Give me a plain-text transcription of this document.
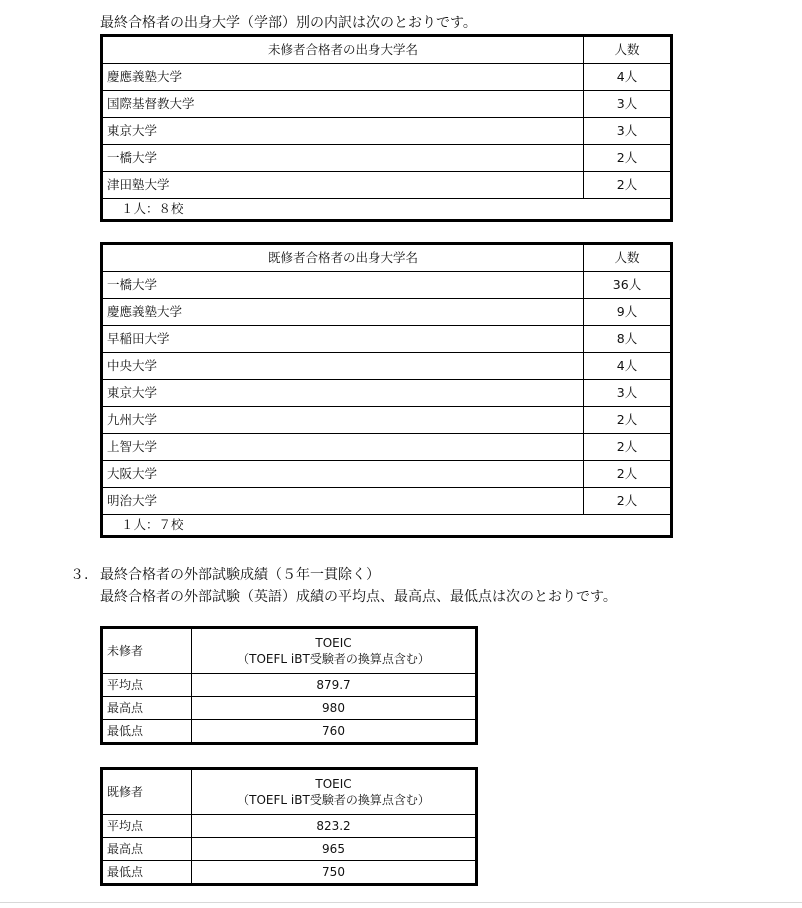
最終合格者の出身大学（学部）別の内訳は次のとおりです。
未修者合格者の出身大学名	人数
慶應義塾大学	4人
国際基督教大学	3人
東京大学	3人
一橋大学	2人
津田塾大学	2人
１人：８校	
既修者合格者の出身大学名	人数
一橋大学	36人
慶應義塾大学	9人
早稲田大学	8人
中央大学	4人
東京大学	3人
九州大学	2人
上智大学	2人
大阪大学	2人
明治大学	2人
１人：７校	
３. 最終合格者の外部試験成績（５年一貫除く）
最終合格者の外部試験（英語）成績の平均点、最高点、最低点は次のとおりです。
未修者	TOEIC
（TOEFL iBT受験者の換算点含む）

平均点	879.7
最高点	980
最低点	760
既修者	TOEIC
（TOEFL iBT受験者の換算点含む）

平均点	823.2
最高点	965
最低点	750
